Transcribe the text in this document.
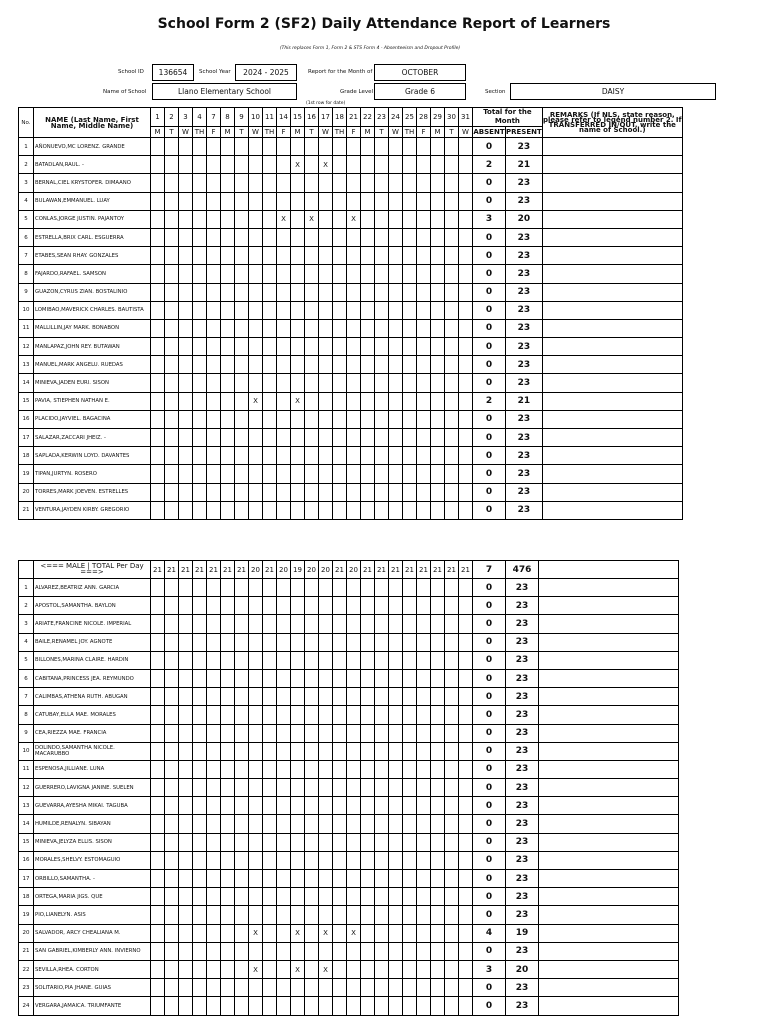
School Form 2 (SF2) Daily Attendance Report of Learners
(This replaces Form 1, Form 2 & STS Form 4 - Absenteeism and Dropout Profile)
School ID	136654	School Year	2024 - 2025	Report for the Month of	OCTOBER
Name of School	Llano Elementary School	Grade Level	Grade 6	Section	DAISY
(1st row for date)
No.	NAME (Last Name, First Name, Middle Name)	1	2	3	4	7	8	9	10	11	14	15	16	17	18	21	22	23	24	25	28	29	30	31	Total for the Month		REMARKS (If NLS, state reason, please refer to legend number 2. If TRANSFERRED IN/OUT, write the name of School.)
		M	T	W	TH	F	M	T	W	TH	F	M	T	W	TH	F	M	T	W	TH	F	M	T	W	ABSENT	PRESENT	
1	AÑONUEVO,MC LORENZ. GRANDE																								0	23	
2	BATADLAN,RAUL. -											X		X											2	21	
3	BERNAL,CIEL KRYSTOFER. DIMAANO																								0	23	
4	BULAWAN,EMMANUEL. LUAY																								0	23	
5	CONLAS,JORGE JUSTIN. PAJANTOY										X		X			X									3	20	
6	ESTRELLA,BRIX CARL. ESGUERRA																								0	23	
7	ETABES,SEAN RHAY. GONZALES																								0	23	
8	FAJARDO,RAFAEL. SAMSON																								0	23	
9	GUAZON,CYRUS ZIAN. BOSTALINIO																								0	23	
10	LOMIBAO,MAVERICK CHARLES. BAUTISTA																								0	23	
11	MALLILLIN,JAY MARK. BONABON																								0	23	
12	MANLAPAZ,JOHN REY. BUTAWAN																								0	23	
13	MANUEL,MARK ANGELU. RUEDAS																								0	23	
14	MINIEVA,JADEN EURI. SISON																								0	23	
15	PAVIA, STIEPHEN NATHAN E.								X			X													2	21	
16	PLACIDO,JAYVIEL. BAGACINA																								0	23	
17	SALAZAR,ZACCARI JHEIZ. -																								0	23	
18	SAPLADA,KERWIN LOYD. DAVANTES																								0	23	
19	TIPAN,JURTYN. ROSERO																								0	23	
20	TORRES,MARK JOEVEN. ESTRELLES																								0	23	
21	VENTURA,JAYDEN KIRBY. GREGORIO																								0	23	
	<=== MALE | TOTAL Per Day ===>	21	21	21	21	21	21	21	20	21	20	19	20	20	21	20	21	21	21	21	21	21	21	21	7	476	
1	ALVAREZ,BEATRIZ ANN. GARCIA																								0	23	
2	APOSTOL,SAMANTHA. BAYLON																								0	23	
3	ARIATE,FRANCINE NICOLE. IMPERIAL																								0	23	
4	BAILE,RENAMEL JOY. AGNOTE																								0	23	
5	BILLONES,MARINA CLAIRE. HARDIN																								0	23	
6	CABITANA,PRINCESS JEA. REYMUNDO																								0	23	
7	CALIMBAS,ATHENA RUTH. ABUGAN																								0	23	
8	CATUBAY,ELLA MAE. MORALES																								0	23	
9	CEA,RIEZZA MAE. FRANCIA																								0	23	
10	DOLINDO,SAMANTHA NICOLE. MACARUBBO																								0	23	
11	ESPENOSA,JILLIANE. LUNA																								0	23	
12	GUERRERO,LAVIGNA JANINE. SUELEN																								0	23	
13	GUEVARRA,AYESHA MIKAI. TAGUBA																								0	23	
14	HUMILDE,RENALYN. SIBAYAN																								0	23	
15	MINIEVA,JELYZA ELLIS. SISON																								0	23	
16	MORALES,SHELVY. ESTOMAGUIO																								0	23	
17	ORBILLO,SAMANTHA. -																								0	23	
18	ORTEGA,MARIA JIGS. QUE																								0	23	
19	PIO,LIANELYN. ASIS																								0	23	
20	SALVADOR, ARCY CHEALIANA M.								X			X		X		X									4	19	
21	SAN GABRIEL,KIMBERLY ANN. INVIERNO																								0	23	
22	SEVILLA,RHEA. CORTON								X			X		X											3	20	
23	SOLITARIO,PIA JHANE. GUIAS																								0	23	
24	VERGARA,JAMAICA. TRIUMFANTE																								0	23	
